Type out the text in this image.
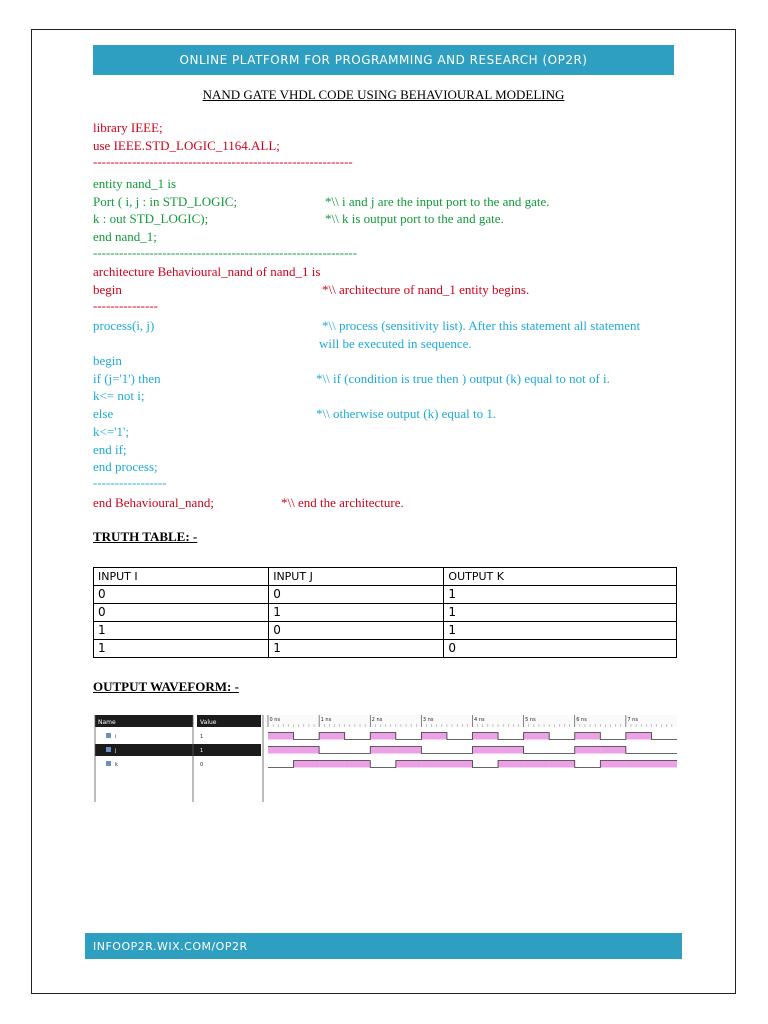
ONLINE PLATFORM FOR PROGRAMMING AND RESEARCH (OP2R)
NAND GATE VHDL CODE USING BEHAVIOURAL MODELING
library IEEE;
use IEEE.STD_LOGIC_1164.ALL;
------------------------------------------------------------
entity nand_1 is
Port ( i, j : in STD_LOGIC;	*\\ i and j are the input port to the and gate.
k : out STD_LOGIC);	*\\ k is output port to the and gate.
end nand_1;
-------------------------------------------------------------
architecture Behavioural_nand of nand_1 is
begin	*\\ architecture of nand_1 entity begins.
---------------
process(i, j)	*\\ process (sensitivity list). After this statement all statement
will be executed in sequence.
begin
if (j='1') then	*\\ if (condition is true then ) output (k) equal to not of i.
k<= not i;
else	*\\ otherwise output (k) equal to 1.
k<='1';
end if;
end process;
-----------------
end Behavioural_nand;	*\\ end the architecture.
TRUTH TABLE: -
INPUT I	INPUT J	OUTPUT K
0	0	1
0	1	1
1	0	1
1	1	0
OUTPUT WAVEFORM: -
Name	Value
i	1
j	1
k	0
0 ns	1 ns	2 ns	3 ns	4 ns	5 ns	6 ns	7 ns
INFOOP2R.WIX.COM/OP2R
